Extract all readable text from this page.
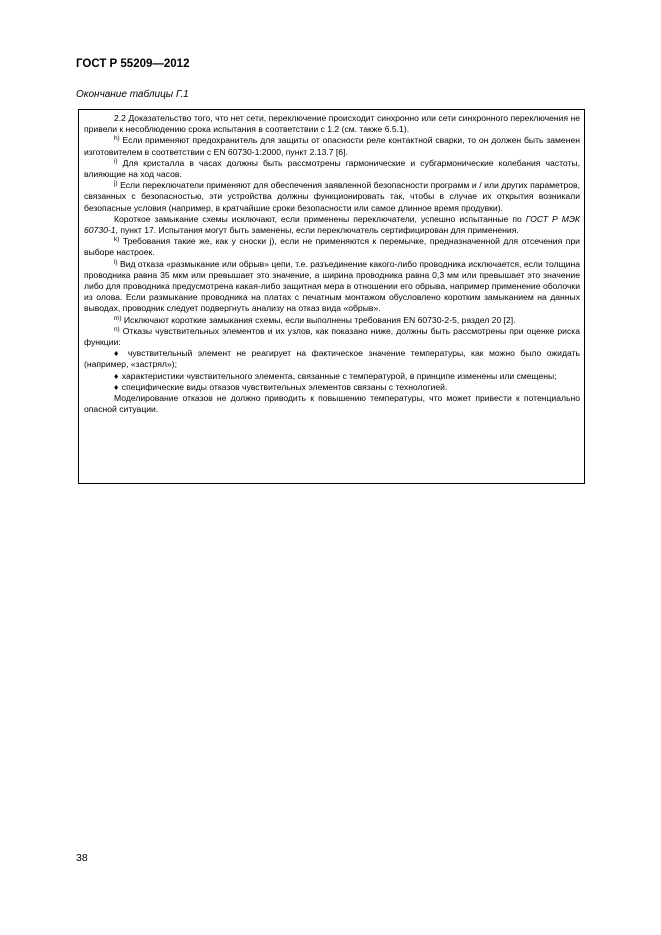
ГОСТ Р 55209—2012
Окончание таблицы Г.1

2.2 Доказательство того, что нет сети, переключение происходит синхронно или сети синхронного переключения не привели к несоблюдению срока испытания в соответствии с 1.2 (см. также 6.5.1).

$^{h)}$ Если применяют предохранитель для защиты от опасности реле контактной сварки, то он должен быть заменен изготовителем в соответствии с EN 60730-1:2000, пункт 2.13.7 [6].

$^{i)}$ Для кристалла в часах должны быть рассмотрены гармонические и субгармонические колебания частоты, влияющие на ход часов.

$^{j)}$ Если переключатели применяют для обеспечения заявленной безопасности программ и / или других параметров, связанных с безопасностью, эти устройства должны функционировать так, чтобы в случае их открытия возникали безопасные условия (например, в кратчайшие сроки безопасности или самое длинное время продувки).

Короткое замыкание схемы исключают, если применены переключатели, успешно испытанные по ГОСТ Р МЭК 60730-1, пункт 17. Испытания могут быть заменены, если переключатель сертифицирован для применения.

$^{k)}$ Требования такие же, как у сноски j), если не применяются к перемычке, предназначенной для отсечения при выборе настроек.

$^{l)}$ Вид отказа «размыкание или обрыв» цепи, т.е. разъединение какого-либо проводника исключается, если толщина проводника равна 35 мкм или превышает это значение, а ширина проводника равна 0,3 мм или превышает это значение либо для проводника предусмотрена какая-либо защитная мера в отношении его обрыва, например применение оболочки из олова. Если размыкание проводника на платах с печатным монтажом обусловлено коротким замыканием на данных выводах, проводник следует подвергнуть анализу на отказ вида «обрыв».

$^{m)}$ Исключают короткие замыкания схемы, если выполнены требования EN 60730-2-5, раздел 20 [2].

$^{n)}$ Отказы чувствительных элементов и их узлов, как показано ниже, должны быть рассмотрены при оценке риска функции:

♦ чувствительный элемент не реагирует на фактическое значение температуры, как можно было ожидать (например, «застрял»);

♦ характеристики чувствительного элемента, связанные с температурой, в принципе изменены или смещены;

♦ специфические виды отказов чувствительных элементов связаны с технологией.

Моделирование отказов не должно приводить к повышению температуры, что может привести к потенциально опасной ситуации.

38
